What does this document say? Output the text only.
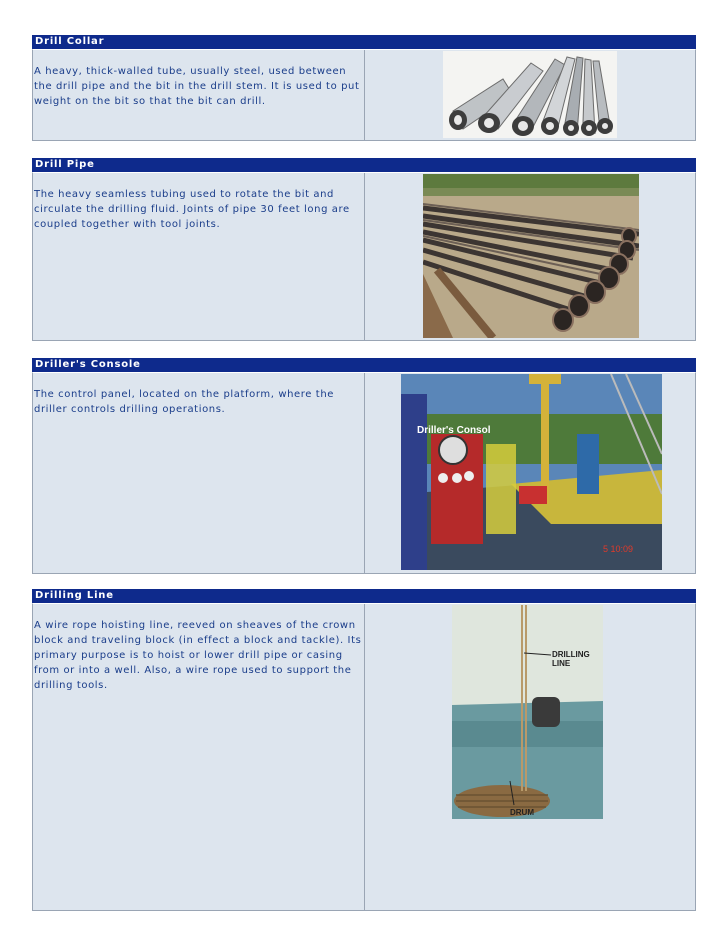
Drill Collar
A heavy, thick-walled tube, usually steel, used between the drill pipe and the bit in the drill stem. It is used to put weight on the bit so that the bit can drill.
Drill Pipe
The heavy seamless tubing used to rotate the bit and circulate the drilling fluid. Joints of pipe 30 feet long are coupled together with tool joints.
Driller's Console
The control panel, located on the platform, where the driller controls drilling operations.
Driller's Consol
5 10:09
Drilling Line
A wire rope hoisting line, reeved on sheaves of the crown block and traveling block (in effect a block and tackle). Its primary purpose is to hoist or lower drill pipe or casing from or into a well. Also, a wire rope used to support the drilling tools.
DRILLING
LINE
DRUM
